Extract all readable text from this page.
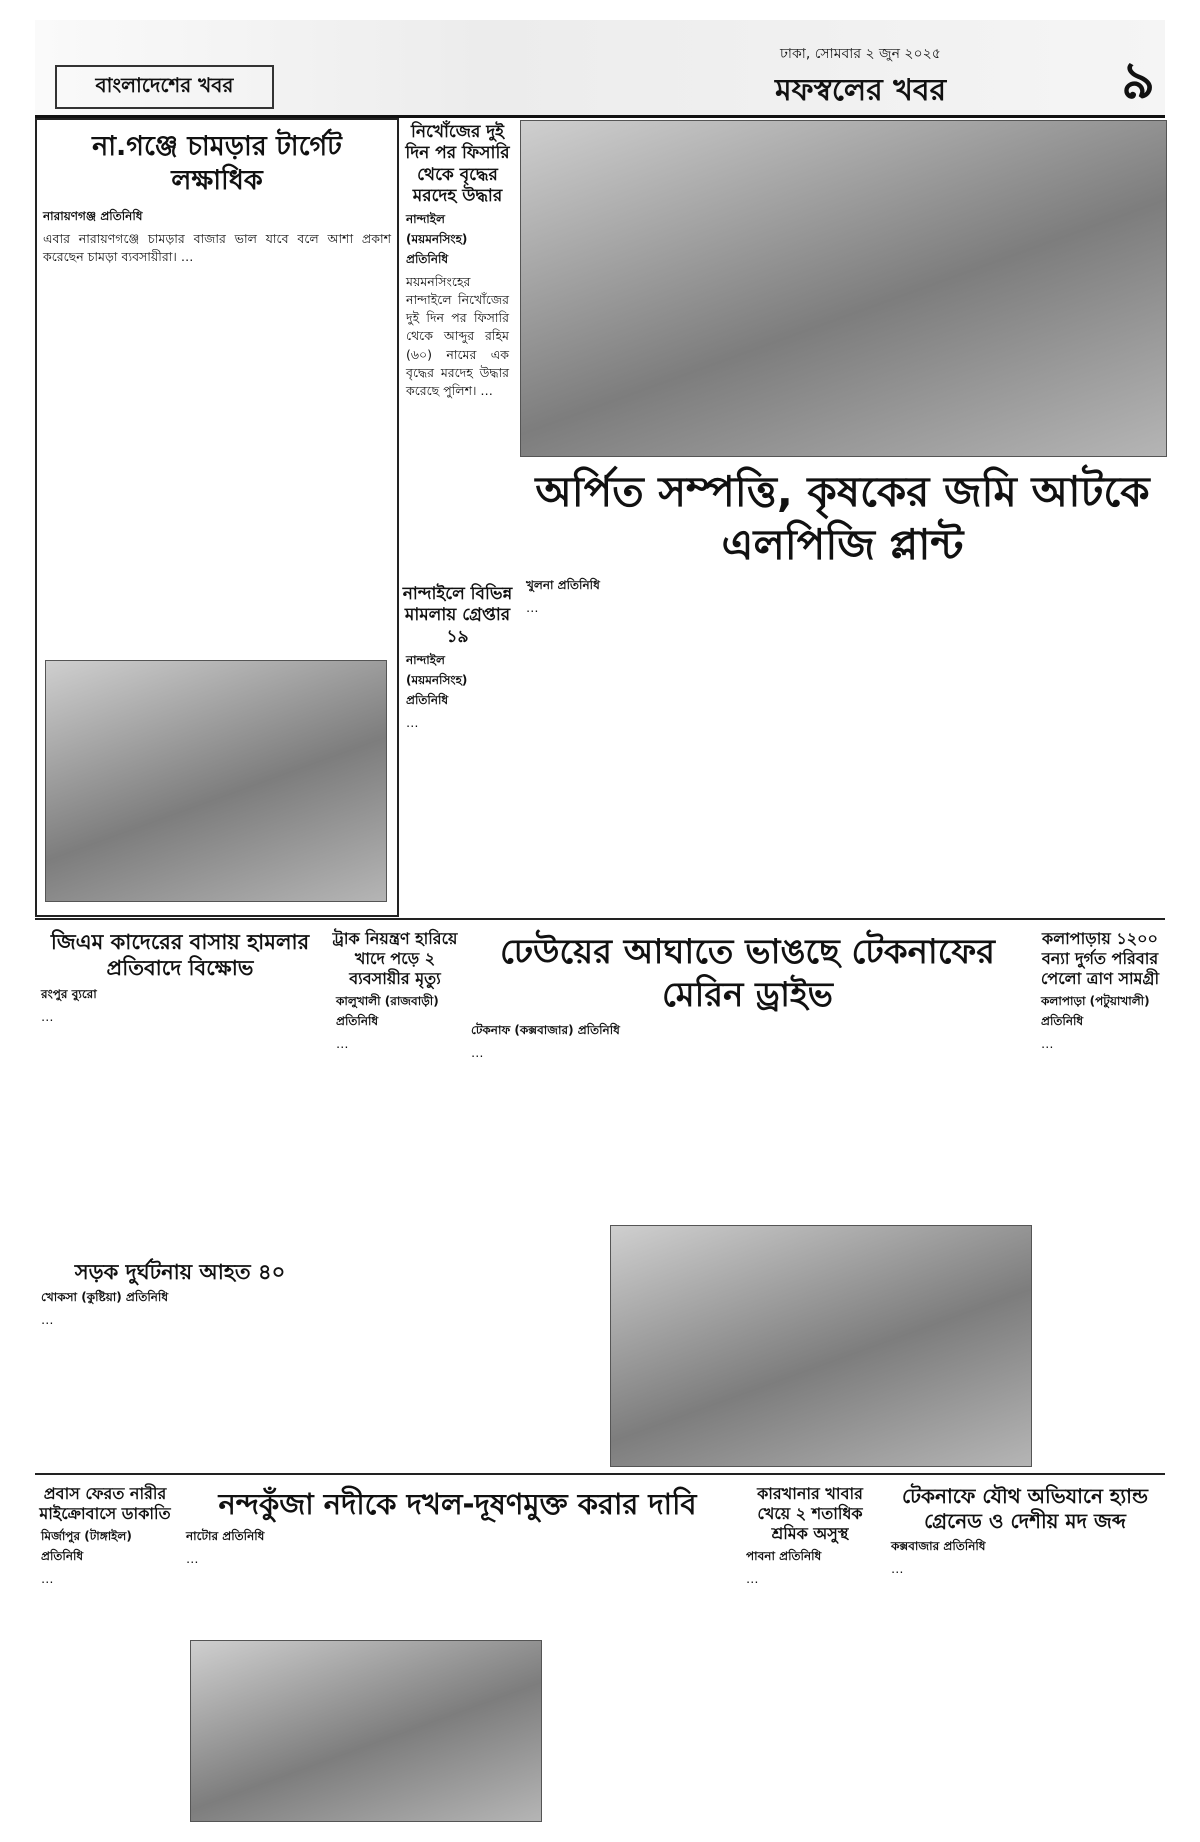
বাংলাদেশের খবর
ঢাকা, সোমবার ২ জুন ২০২৫
মফস্বলের খবর	৯
না.গঞ্জে চামড়ার টার্গেট লক্ষাধিক
নারায়ণগঞ্জ প্রতিনিধি
এবার নারায়ণগঞ্জে চামড়ার বাজার ভাল যাবে বলে আশা প্রকাশ করেছেন চামড়া ব্যবসায়ীরা। …
নিখোঁজের দুই দিন পর ফিসারি থেকে বৃদ্ধের মরদেহ উদ্ধার
নান্দাইল (ময়মনসিংহ) প্রতিনিধি
ময়মনসিংহের নান্দাইলে নিখোঁজের দুই দিন পর ফিসারি থেকে আব্দুর রহিম (৬০) নামের এক বৃদ্ধের মরদেহ উদ্ধার করেছে পুলিশ। …
অর্পিত সম্পত্তি, কৃষকের জমি আটকে এলপিজি প্লান্ট
খুলনা প্রতিনিধি
…
নান্দাইলে বিভিন্ন মামলায় গ্রেপ্তার ১৯
নান্দাইল (ময়মনসিংহ) প্রতিনিধি
…
জিএম কাদেরের বাসায় হামলার প্রতিবাদে বিক্ষোভ
রংপুর ব্যুরো
…
ট্রাক নিয়ন্ত্রণ হারিয়ে খাদে পড়ে ২ ব্যবসায়ীর মৃত্যু
কালুখালী (রাজবাড়ী) প্রতিনিধি
…
ঢেউয়ের আঘাতে ভাঙছে টেকনাফের মেরিন ড্রাইভ
টেকনাফ (কক্সবাজার) প্রতিনিধি
…
কলাপাড়ায় ১২০০ বন্যা দুর্গত পরিবার পেলো ত্রাণ সামগ্রী
কলাপাড়া (পটুয়াখালী) প্রতিনিধি
…
সড়ক দুর্ঘটনায় আহত ৪০
খোকসা (কুষ্টিয়া) প্রতিনিধি
…
প্রবাস ফেরত নারীর মাইক্রোবাসে ডাকাতি
মির্জাপুর (টাঙ্গাইল) প্রতিনিধি
…
নন্দকুঁজা নদীকে দখল-দূষণমুক্ত করার দাবি
নাটোর প্রতিনিধি
…
কারখানার খাবার খেয়ে ২ শতাধিক শ্রমিক অসুস্থ
পাবনা প্রতিনিধি
…
টেকনাফে যৌথ অভিযানে হ্যান্ড গ্রেনেড ও দেশীয় মদ জব্দ
কক্সবাজার প্রতিনিধি
…
